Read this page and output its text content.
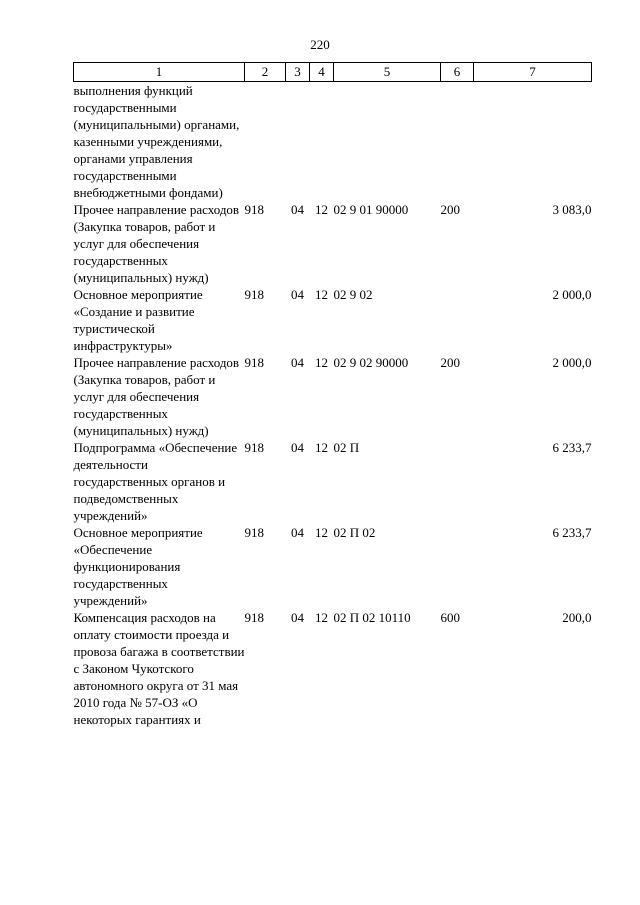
220
1	2	3	4	5	6	7
выполнения функций государственными (муниципальными) органами, казенными учреждениями, органами управления государственными внебюджетными фондами)						
Прочее направление расходов (Закупка товаров, работ и услуг для обеспечения государственных (муниципальных) нужд)	918	04	12	02 9 01 90000	200	3 083,0
Основное мероприятие «Создание и развитие туристической инфраструктуры»	918	04	12	02 9 02		2 000,0
Прочее направление расходов (Закупка товаров, работ и услуг для обеспечения государственных (муниципальных) нужд)	918	04	12	02 9 02 90000	200	2 000,0
Подпрограмма «Обеспечение деятельности государственных органов и подведомственных учреждений»	918	04	12	02 П		6 233,7
Основное мероприятие «Обеспечение функционирования государственных учреждений»	918	04	12	02 П 02		6 233,7
Компенсация расходов на оплату стоимости проезда и провоза багажа в соответствии с Законом Чукотского автономного округа от 31 мая 2010 года № 57-ОЗ «О некоторых гарантиях и	918	04	12	02 П 02 10110	600	200,0
